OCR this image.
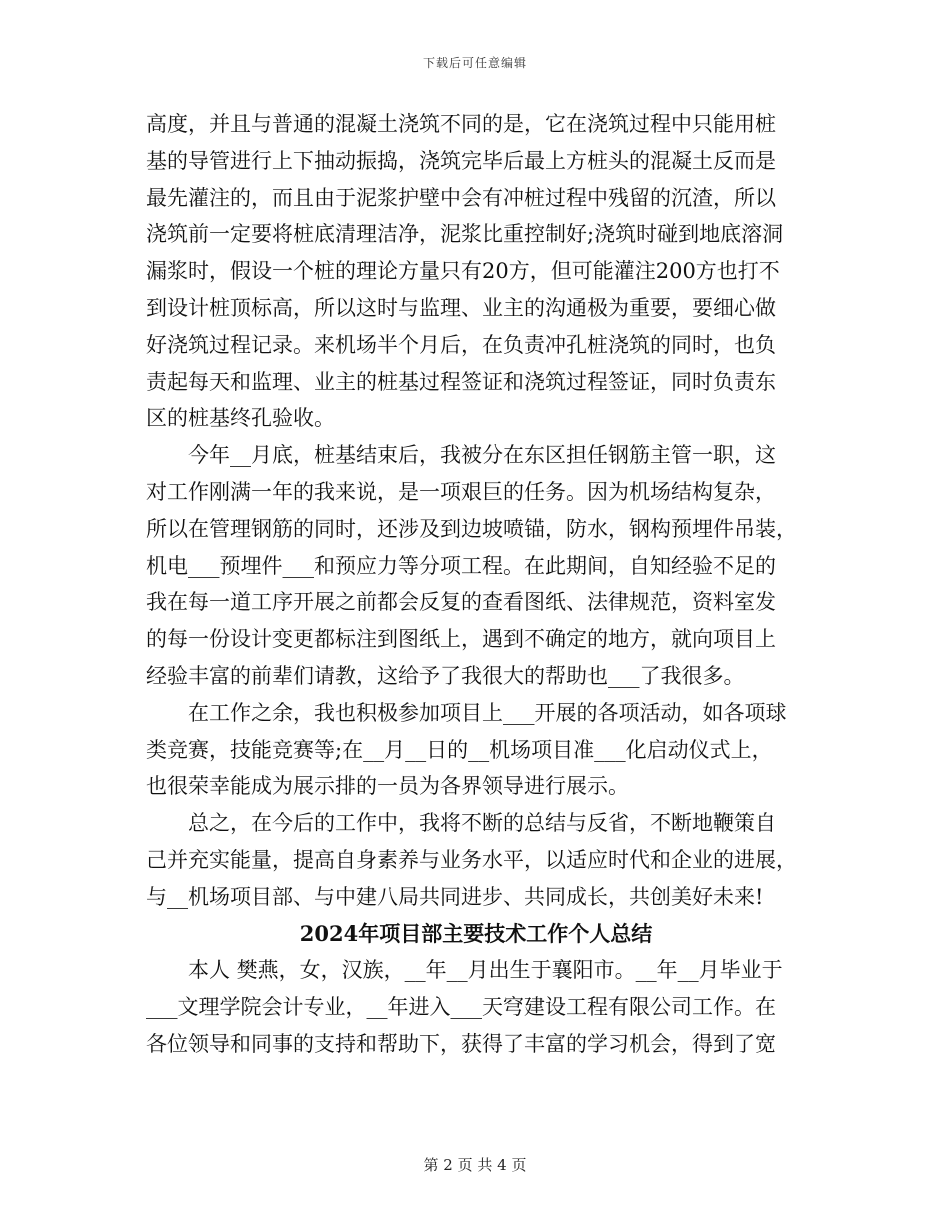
下载后可任意编辑

高度，并且与普通的混凝土浇筑不同的是，它在浇筑过程中只能用桩
基的导管进行上下抽动振捣，浇筑完毕后最上方桩头的混凝土反而是
最先灌注的，而且由于泥浆护壁中会有冲桩过程中残留的沉渣，所以
浇筑前一定要将桩底清理洁净，泥浆比重控制好;浇筑时碰到地底溶洞
漏浆时，假设一个桩的理论方量只有20方，但可能灌注200方也打不
到设计桩顶标高，所以这时与监理、业主的沟通极为重要，要细心做
好浇筑过程记录。来机场半个月后，在负责冲孔桩浇筑的同时，也负
责起每天和监理、业主的桩基过程签证和浇筑过程签证，同时负责东
区的桩基终孔验收。

今年__月底，桩基结束后，我被分在东区担任钢筋主管一职，这
对工作刚满一年的我来说，是一项艰巨的任务。因为机场结构复杂，
所以在管理钢筋的同时，还涉及到边坡喷锚，防水，钢构预埋件吊装，
机电___预埋件___和预应力等分项工程。在此期间，自知经验不足的
我在每一道工序开展之前都会反复的查看图纸、法律规范，资料室发
的每一份设计变更都标注到图纸上，遇到不确定的地方，就向项目上
经验丰富的前辈们请教，这给予了我很大的帮助也___了我很多。

在工作之余，我也积极参加项目上___开展的各项活动，如各项球
类竞赛，技能竞赛等;在__月__日的__机场项目准___化启动仪式上，
也很荣幸能成为展示排的一员为各界领导进行展示。

总之，在今后的工作中，我将不断的总结与反省，不断地鞭策自
己并充实能量，提高自身素养与业务水平，以适应时代和企业的进展，
与__机场项目部、与中建八局共同进步、共同成长，共创美好未来!

2024年项目部主要技术工作个人总结

本人 樊燕，女，汉族，__年__月出生于襄阳市。__年__月毕业于
___文理学院会计专业，__年进入___天穹建设工程有限公司工作。在
各位领导和同事的支持和帮助下，获得了丰富的学习机会，得到了宽

第 2 页 共 4 页
